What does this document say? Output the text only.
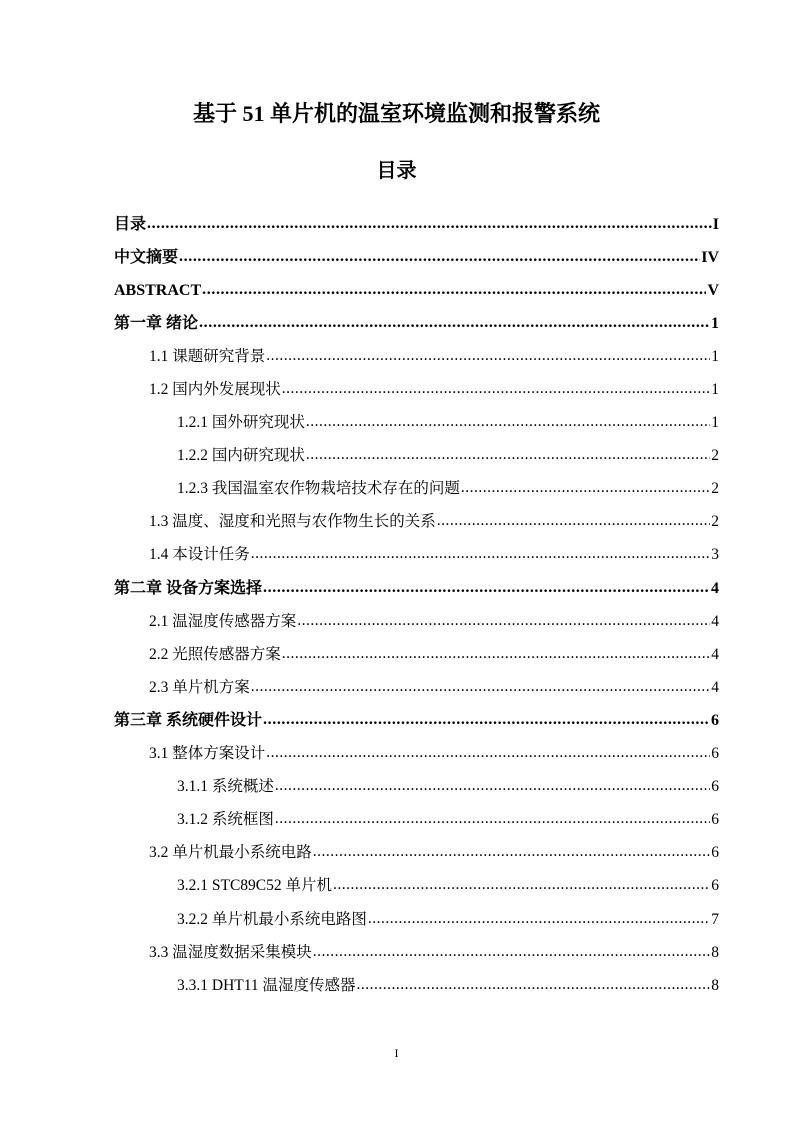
基于 51 单片机的温室环境监测和报警系统
目录
目录 .....	I
中文摘要 .....	IV
ABSTRACT .....	V
第一章 绪论 .....	1
1.1 课题研究背景 .....	1
1.2 国内外发展现状 .....	1
1.2.1 国外研究现状 .....	1
1.2.2 国内研究现状 .....	2
1.2.3 我国温室农作物栽培技术存在的问题 .....	2
1.3 温度、湿度和光照与农作物生长的关系 .....	2
1.4 本设计任务 .....	3
第二章 设备方案选择 .....	4
2.1 温湿度传感器方案 .....	4
2.2 光照传感器方案 .....	4
2.3 单片机方案 .....	4
第三章 系统硬件设计 .....	6
3.1 整体方案设计 .....	6
3.1.1 系统概述 .....	6
3.1.2 系统框图 .....	6
3.2 单片机最小系统电路 .....	6
3.2.1 STC89C52 单片机 .....	6
3.2.2 单片机最小系统电路图 .....	7
3.3 温湿度数据采集模块 .....	8
3.3.1 DHT11 温湿度传感器 .....	8
I
